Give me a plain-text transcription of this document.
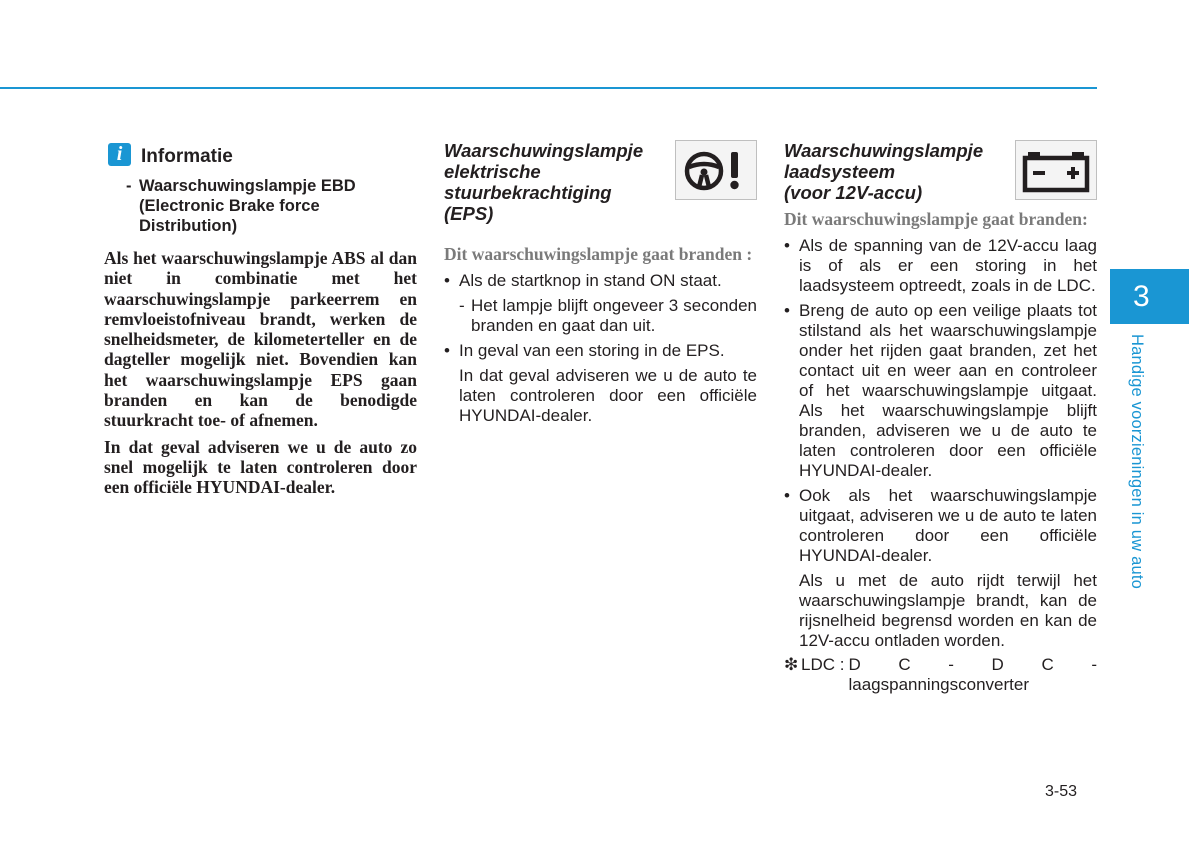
i Informatie
- Waarschuwingslampje EBD (Electronic Brake force Distribution)

Als het waarschuwingslampje ABS al dan niet in combinatie met het waarschuwingslampje parkeerrem en remvloeistofniveau brandt, werken de snelheidsmeter, de kilometerteller en de dagteller mogelijk niet. Bovendien kan het waarschuwingslampje EPS gaan branden en kan de benodigde stuurkracht toe- of afnemen.

In dat geval adviseren we u de auto zo snel mogelijk te laten controleren door een officiële HYUNDAI-dealer.

Waarschuwingslampje
elektrische
stuurbekrachtiging
(EPS)

Dit waarschuwingslampje gaat branden :

• Als de startknop in stand ON staat.
- Het lampje blijft ongeveer 3 seconden branden en gaat dan uit.
• In geval van een storing in de EPS.
In dat geval adviseren we u de auto te laten controleren door een officiële HYUNDAI-dealer.
Waarschuwingslampje
laadsysteem
(voor 12V-accu)

Dit waarschuwingslampje gaat branden:

• Als de spanning van de 12V-accu laag is of als er een storing in het laadsysteem optreedt, zoals in de LDC.
• Breng de auto op een veilige plaats tot stilstand als het waarschuwingslampje onder het rijden gaat branden, zet het contact uit en weer aan en controleer of het waarschuwingslampje uitgaat. Als het waarschuwingslampje blijft branden, adviseren we u de auto te laten controleren door een officiële HYUNDAI-dealer.
• Ook als het waarschuwingslampje uitgaat, adviseren we u de auto te laten controleren door een officiële HYUNDAI-dealer.
Als u met de auto rijdt terwijl het waarschuwingslampje brandt, kan de rijsnelheid begrensd worden en kan de 12V-accu ontladen worden.
❇ LDC : D C - D C - laagspanningsconverter
3
Handige voorzieningen in uw auto
3-53
